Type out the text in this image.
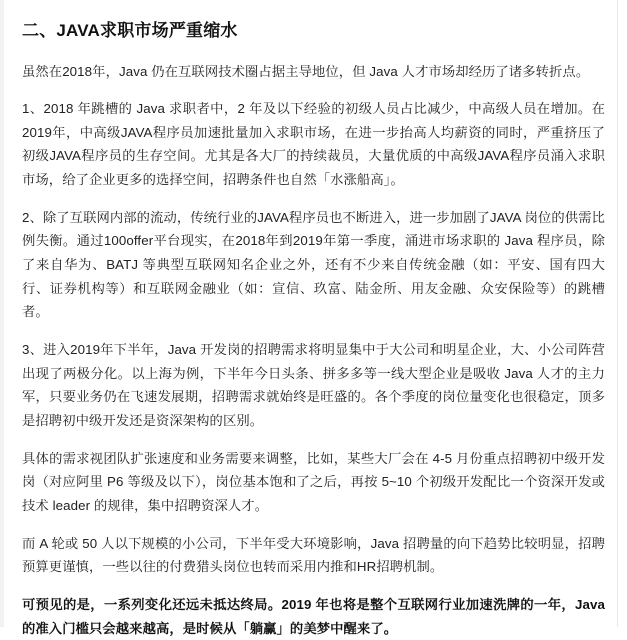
二、JAVA求职市场严重缩水

虽然在2018年，Java 仍在互联网技术圈占据主导地位，但 Java 人才市场却经历了诸多转折点。

1、2018 年跳槽的 Java 求职者中，2 年及以下经验的初级人员占比减少，中高级人员在增加。在2019年，中高级JAVA程序员加速批量加入求职市场，在进一步抬高人均薪资的同时，严重挤压了初级JAVA程序员的生存空间。尤其是各大厂的持续裁员，大量优质的中高级JAVA程序员涌入求职市场，给了企业更多的选择空间，招聘条件也自然「水涨船高」。

2、除了互联网内部的流动，传统行业的JAVA程序员也不断进入，进一步加剧了JAVA 岗位的供需比例失衡。通过100offer平台现实，在2018年到2019年第一季度，涌进市场求职的 Java 程序员，除了来自华为、BATJ 等典型互联网知名企业之外，还有不少来自传统金融（如：平安、国有四大行、证券机构等）和互联网金融业（如：宣信、玖富、陆金所、用友金融、众安保险等）的跳槽者。

3、进入2019年下半年，Java 开发岗的招聘需求将明显集中于大公司和明星企业，大、小公司阵营出现了两极分化。以上海为例，下半年今日头条、拼多多等一线大型企业是吸收 Java 人才的主力军，只要业务仍在飞速发展期，招聘需求就始终是旺盛的。各个季度的岗位量变化也很稳定，顶多是招聘初中级开发还是资深架构的区别。

具体的需求视团队扩张速度和业务需要来调整，比如，某些大厂会在 4-5 月份重点招聘初中级开发岗（对应阿里 P6 等级及以下），岗位基本饱和了之后，再按 5~10 个初级开发配比一个资深开发或技术 leader 的规律，集中招聘资深人才。

而 A 轮或 50 人以下规模的小公司，下半年受大环境影响，Java 招聘量的向下趋势比较明显，招聘预算更谨慎，一些以往的付费猎头岗位也转而采用内推和HR招聘机制。

可预见的是，一系列变化还远未抵达终局。2019 年也将是整个互联网行业加速洗牌的一年，Java 的准入门槛只会越来越高，是时候从「躺赢」的美梦中醒来了。
